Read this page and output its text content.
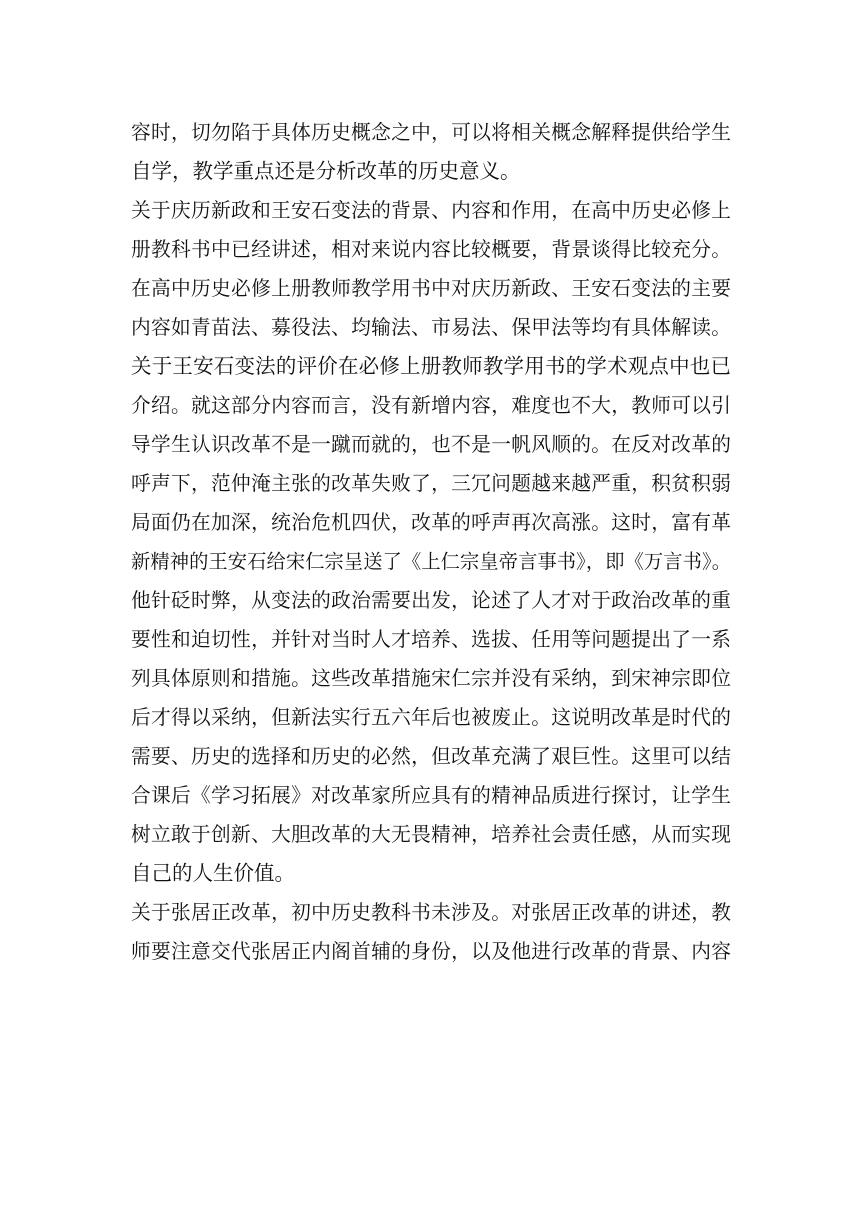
容时，切勿陷于具体历史概念之中，可以将相关概念解释提供给学生
自学，教学重点还是分析改革的历史意义。
关于庆历新政和王安石变法的背景、内容和作用，在高中历史必修上
册教科书中已经讲述，相对来说内容比较概要，背景谈得比较充分。
在高中历史必修上册教师教学用书中对庆历新政、王安石变法的主要
内容如青苗法、募役法、均输法、市易法、保甲法等均有具体解读。
关于王安石变法的评价在必修上册教师教学用书的学术观点中也已
介绍。就这部分内容而言，没有新增内容，难度也不大，教师可以引
导学生认识改革不是一蹴而就的，也不是一帆风顺的。在反对改革的
呼声下，范仲淹主张的改革失败了，三冗问题越来越严重，积贫积弱
局面仍在加深，统治危机四伏，改革的呼声再次高涨。这时，富有革
新精神的王安石给宋仁宗呈送了《上仁宗皇帝言事书》，即《万言书》。
他针砭时弊，从变法的政治需要出发，论述了人才对于政治改革的重
要性和迫切性，并针对当时人才培养、选拔、任用等问题提出了一系
列具体原则和措施。这些改革措施宋仁宗并没有采纳，到宋神宗即位
后才得以采纳，但新法实行五六年后也被废止。这说明改革是时代的
需要、历史的选择和历史的必然，但改革充满了艰巨性。这里可以结
合课后《学习拓展》对改革家所应具有的精神品质进行探讨，让学生
树立敢于创新、大胆改革的大无畏精神，培养社会责任感，从而实现
自己的人生价值。
关于张居正改革，初中历史教科书未涉及。对张居正改革的讲述，教
师要注意交代张居正内阁首辅的身份，以及他进行改革的背景、内容
